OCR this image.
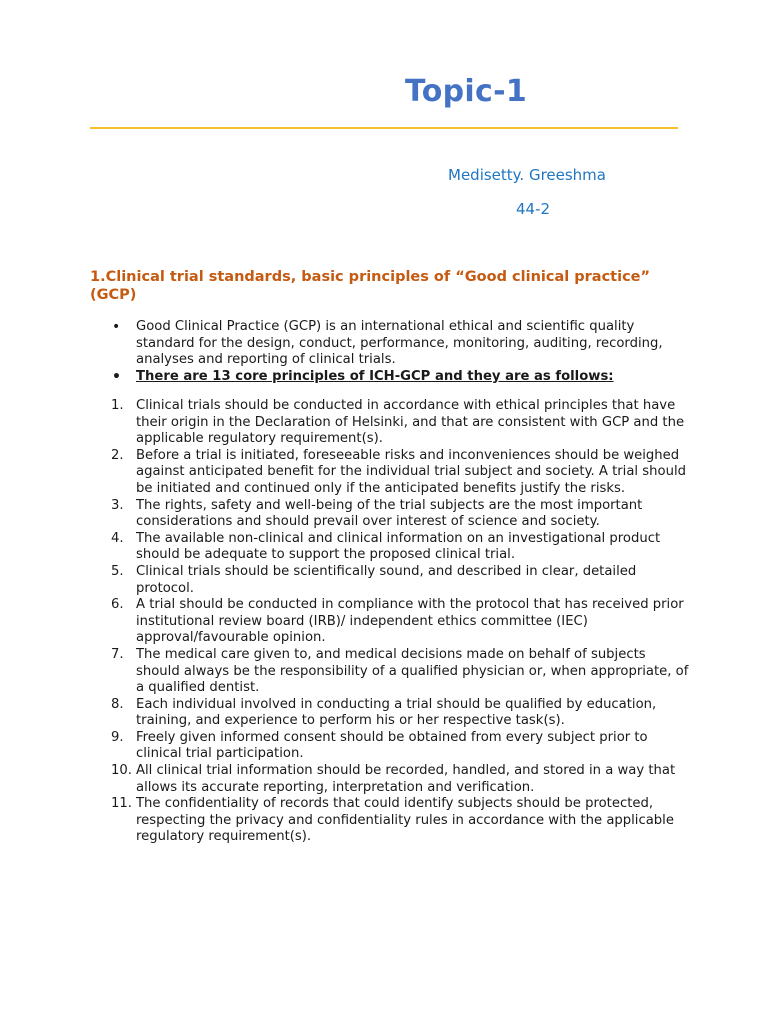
Topic-1
Medisetty. Greeshma
44-2
1.Clinical trial standards, basic principles of “Good clinical practice” (GCP)
• Good Clinical Practice (GCP) is an international ethical and scientific quality standard for the design, conduct, performance, monitoring, auditing, recording, analyses and reporting of clinical trials.
• There are 13 core principles of ICH-GCP and they are as follows:
1. Clinical trials should be conducted in accordance with ethical principles that have their origin in the Declaration of Helsinki, and that are consistent with GCP and the applicable regulatory requirement(s).
2. Before a trial is initiated, foreseeable risks and inconveniences should be weighed against anticipated benefit for the individual trial subject and society. A trial should be initiated and continued only if the anticipated benefits justify the risks.
3. The rights, safety and well-being of the trial subjects are the most important considerations and should prevail over interest of science and society.
4. The available non-clinical and clinical information on an investigational product should be adequate to support the proposed clinical trial.
5. Clinical trials should be scientifically sound, and described in clear, detailed protocol.
6. A trial should be conducted in compliance with the protocol that has received prior institutional review board (IRB)/ independent ethics committee (IEC) approval/favourable opinion.
7. The medical care given to, and medical decisions made on behalf of subjects should always be the responsibility of a qualified physician or, when appropriate, of a qualified dentist.
8. Each individual involved in conducting a trial should be qualified by education, training, and experience to perform his or her respective task(s).
9. Freely given informed consent should be obtained from every subject prior to clinical trial participation.
10. All clinical trial information should be recorded, handled, and stored in a way that allows its accurate reporting, interpretation and verification.
11. The confidentiality of records that could identify subjects should be protected, respecting the privacy and confidentiality rules in accordance with the applicable regulatory requirement(s).
